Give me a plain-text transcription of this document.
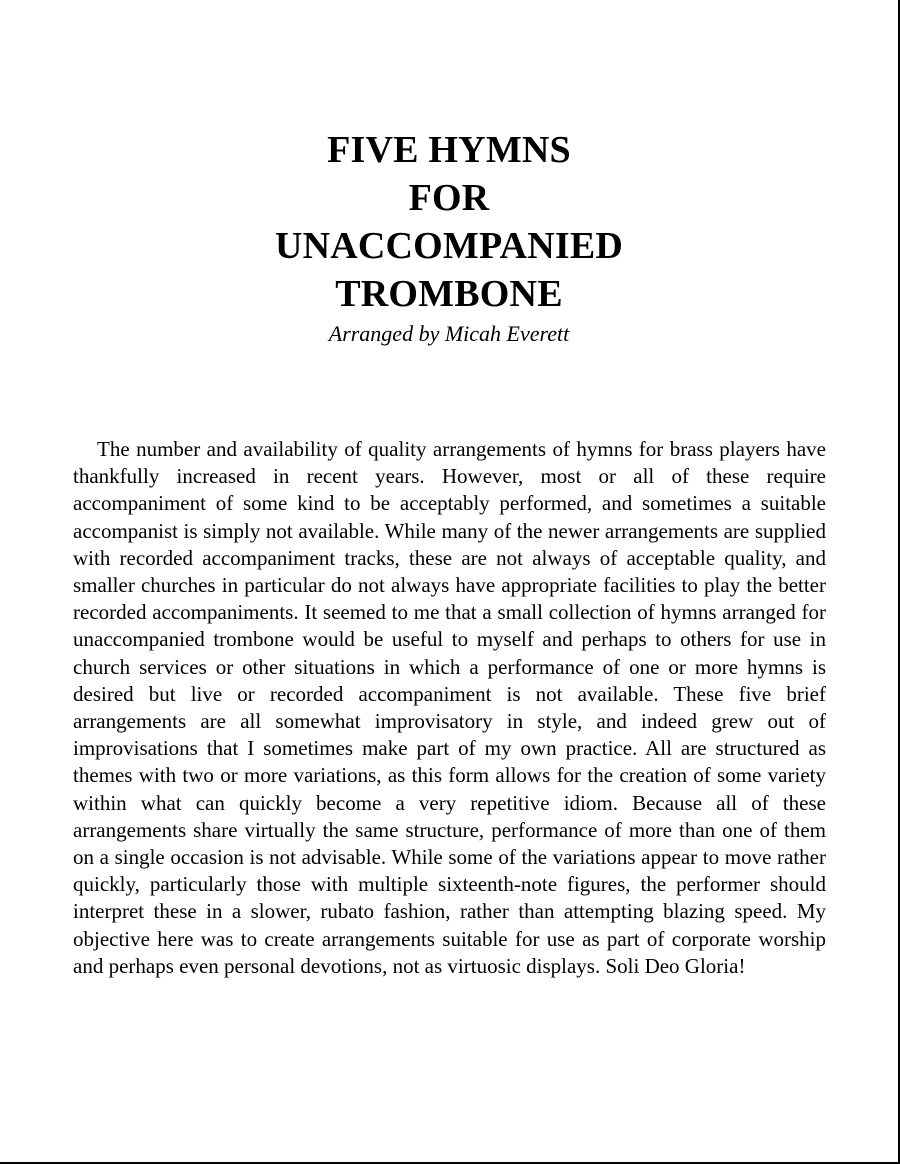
FIVE HYMNS
FOR
UNACCOMPANIED
TROMBONE
Arranged by Micah Everett

The number and availability of quality arrangements of hymns for brass players have thankfully increased in recent years. However, most or all of these require accompaniment of some kind to be acceptably performed, and sometimes a suitable accompanist is simply not available. While many of the newer arrangements are supplied with recorded accompaniment tracks, these are not always of acceptable quality, and smaller churches in particular do not always have appropriate facilities to play the better recorded accompaniments. It seemed to me that a small collection of hymns arranged for unaccompanied trombone would be useful to myself and perhaps to others for use in church services or other situations in which a performance of one or more hymns is desired but live or recorded accompaniment is not available. These five brief arrangements are all somewhat improvisatory in style, and indeed grew out of improvisations that I sometimes make part of my own practice. All are structured as themes with two or more variations, as this form allows for the creation of some variety within what can quickly become a very repetitive idiom. Because all of these arrangements share virtually the same structure, performance of more than one of them on a single occasion is not advisable. While some of the variations appear to move rather quickly, particularly those with multiple sixteenth-note figures, the performer should interpret these in a slower, rubato fashion, rather than attempting blazing speed. My objective here was to create arrangements suitable for use as part of corporate worship and perhaps even personal devotions, not as virtuosic displays. Soli Deo Gloria!
